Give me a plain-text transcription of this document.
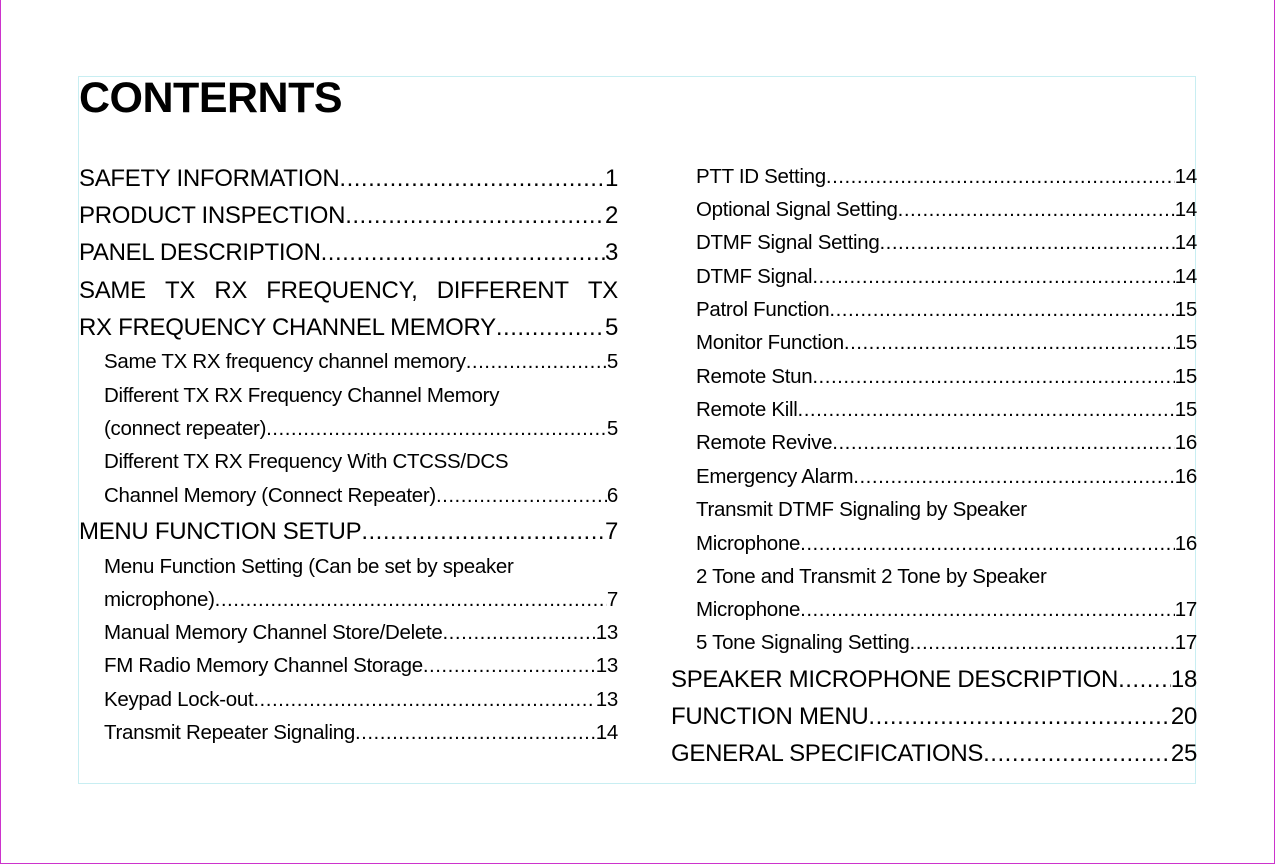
CONTERNTS
SAFETY INFORMATION .....	1
PRODUCT INSPECTION .....	2
PANEL DESCRIPTION .....	3
SAME TX RX FREQUENCY, DIFFERENT TX
RX FREQUENCY CHANNEL MEMORY .....	5
Same TX RX frequency channel memory .....	5
Different TX RX Frequency Channel Memory
(connect repeater) .....	5
Different TX RX Frequency With CTCSS/DCS
Channel Memory (Connect Repeater) .....	6
MENU FUNCTION SETUP .....	7
Menu Function Setting (Can be set by speaker
microphone) .....	7
Manual Memory Channel Store/Delete .....	13
FM Radio Memory Channel Storage .....	13
Keypad Lock-out .....	13
Transmit Repeater Signaling .....	14
PTT ID Setting .....	14
Optional Signal Setting .....	14
DTMF Signal Setting .....	14
DTMF Signal .....	14
Patrol Function .....	15
Monitor Function .....	15
Remote Stun .....	15
Remote Kill .....	15
Remote Revive .....	16
Emergency Alarm .....	16
Transmit DTMF Signaling by Speaker
Microphone .....	16
2 Tone and Transmit 2 Tone by Speaker
Microphone .....	17
5 Tone Signaling Setting .....	17
SPEAKER MICROPHONE DESCRIPTION ..... 18
FUNCTION MENU .....	20
GENERAL SPECIFICATIONS .....	25
